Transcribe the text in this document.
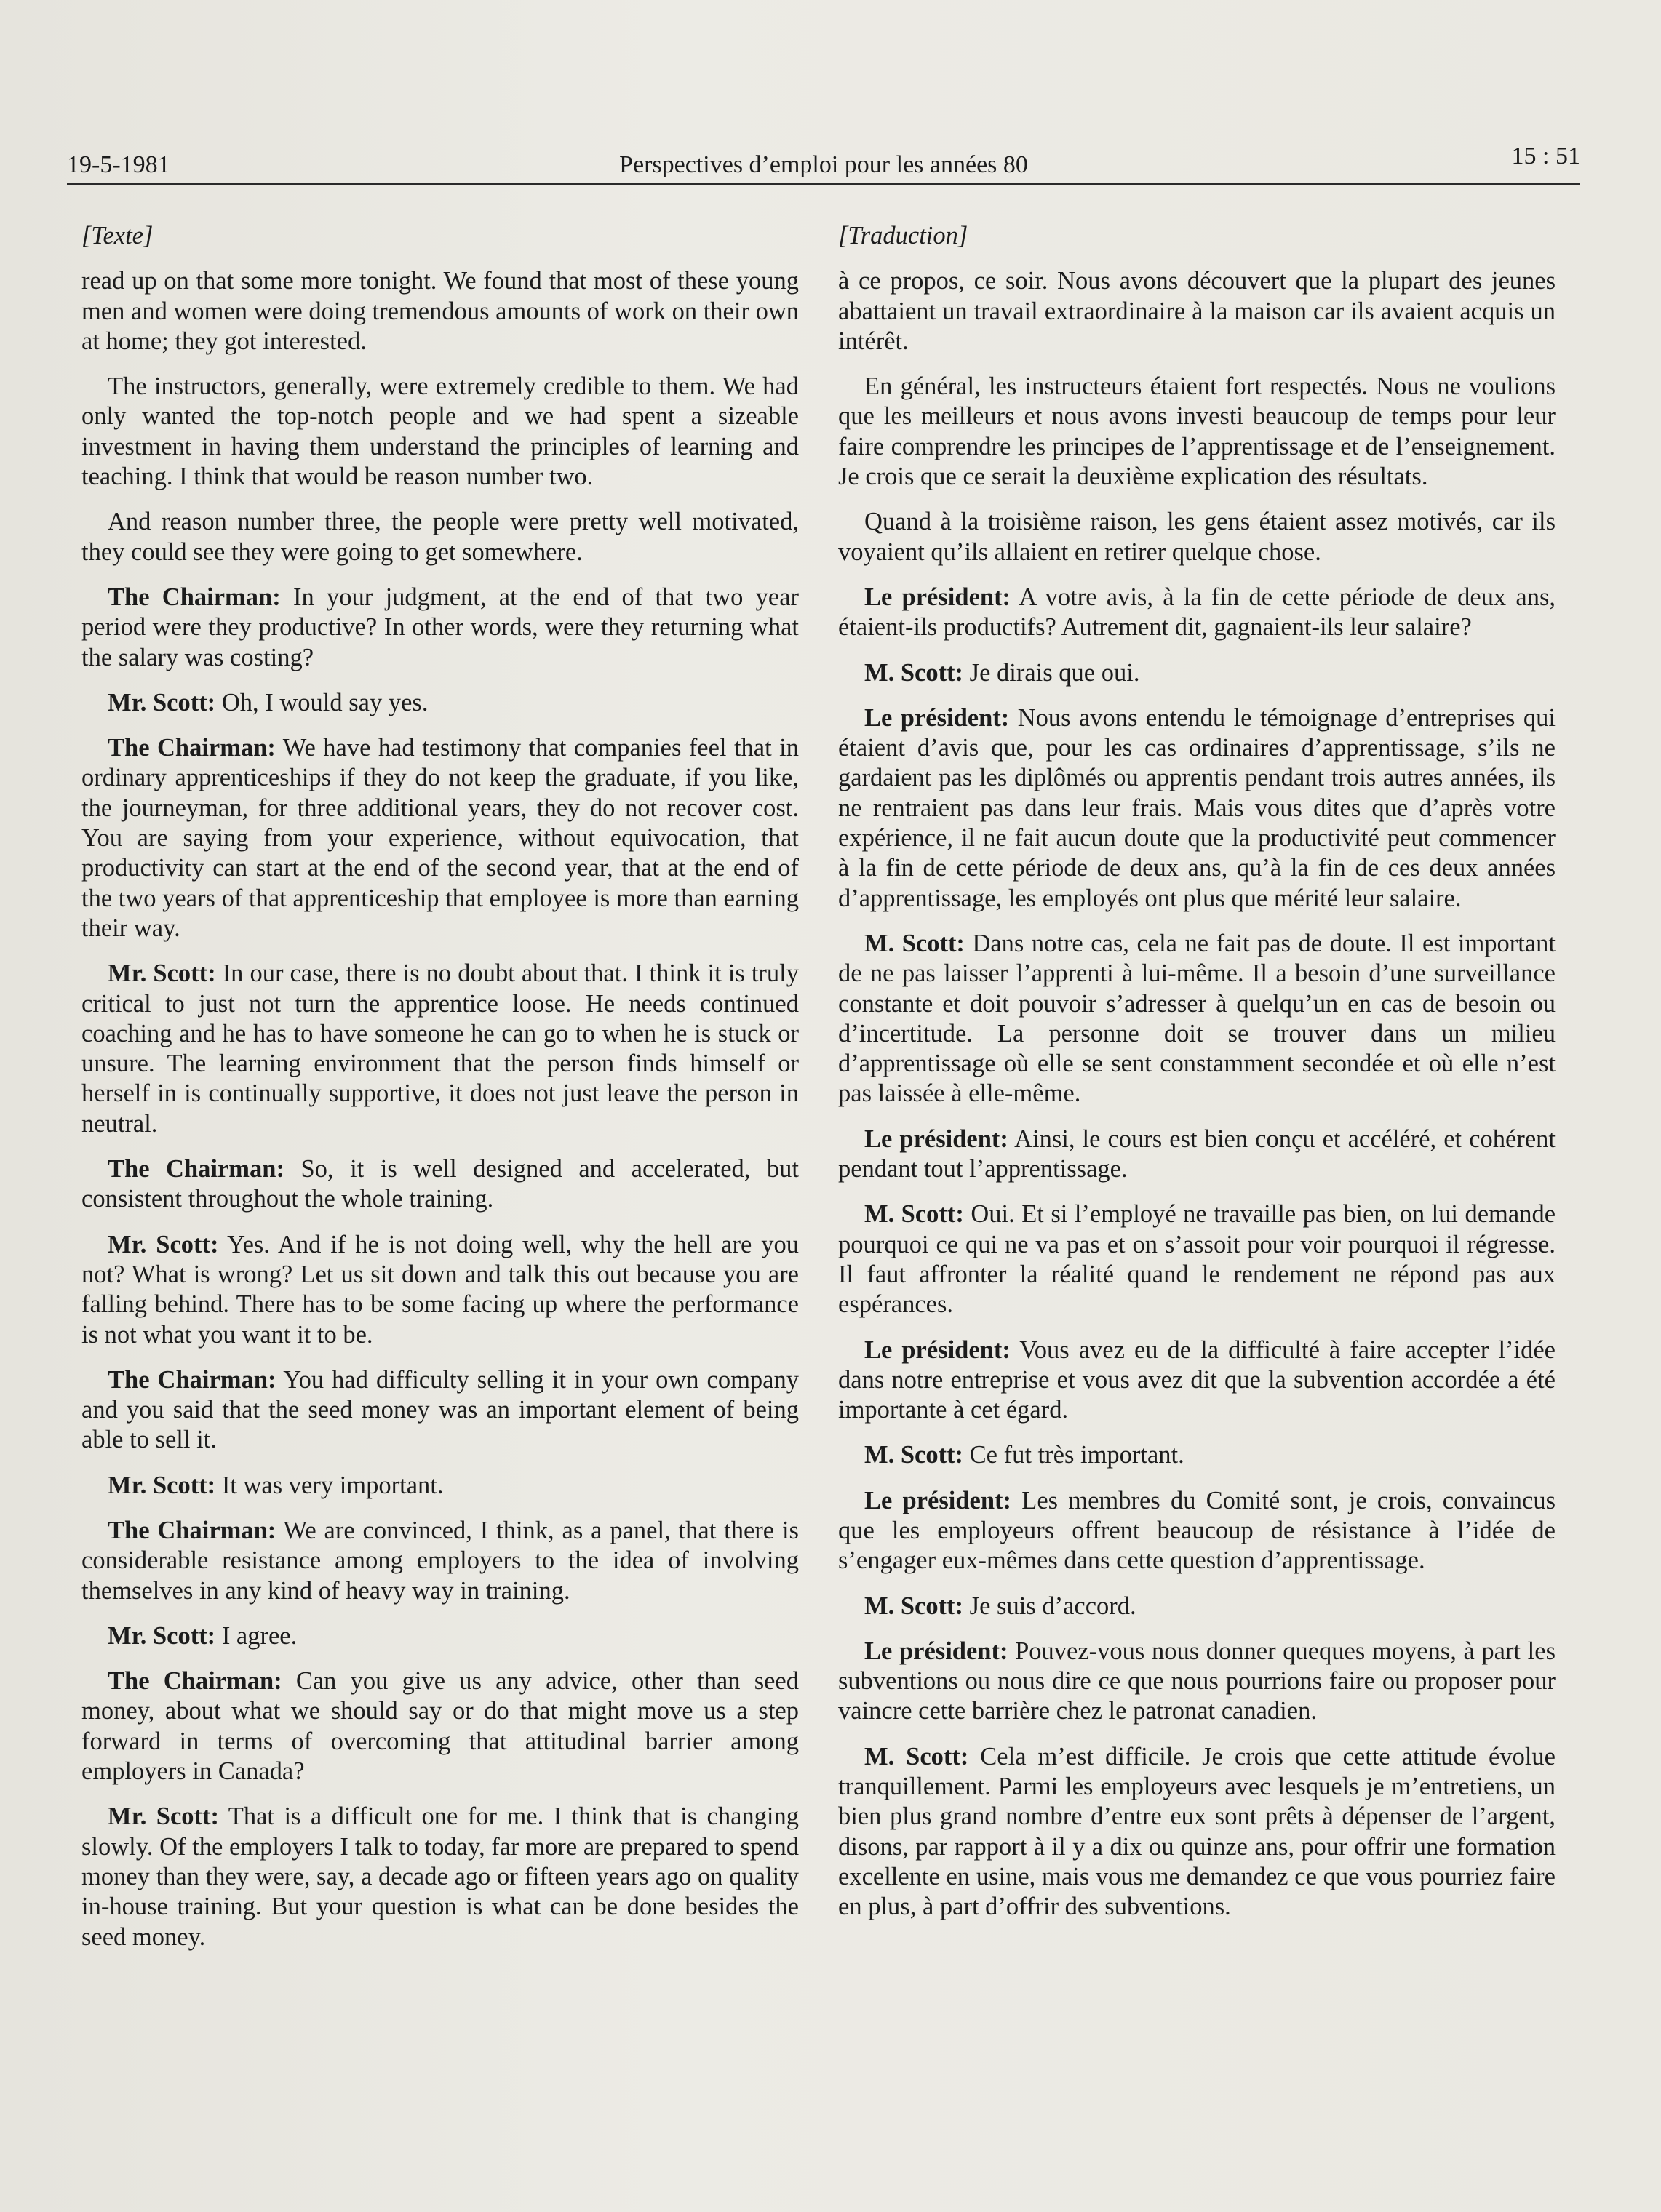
19-5-1981	Perspectives d’emploi pour les années 80	15 : 51

[Texte]

read up on that some more tonight. We found that most of these young men and women were doing tremendous amounts of work on their own at home; they got interested.

The instructors, generally, were extremely credible to them. We had only wanted the top-notch people and we had spent a sizeable investment in having them understand the principles of learning and teaching. I think that would be reason number two.

And reason number three, the people were pretty well motivated, they could see they were going to get somewhere.

The Chairman: In your judgment, at the end of that two year period were they productive? In other words, were they returning what the salary was costing?

Mr. Scott: Oh, I would say yes.

The Chairman: We have had testimony that companies feel that in ordinary apprenticeships if they do not keep the graduate, if you like, the journeyman, for three additional years, they do not recover cost. You are saying from your experience, without equivocation, that productivity can start at the end of the second year, that at the end of the two years of that apprenticeship that employee is more than earning their way.

Mr. Scott: In our case, there is no doubt about that. I think it is truly critical to just not turn the apprentice loose. He needs continued coaching and he has to have someone he can go to when he is stuck or unsure. The learning environment that the person finds himself or herself in is continually supportive, it does not just leave the person in neutral.

The Chairman: So, it is well designed and accelerated, but consistent throughout the whole training.

Mr. Scott: Yes. And if he is not doing well, why the hell are you not? What is wrong? Let us sit down and talk this out because you are falling behind. There has to be some facing up where the performance is not what you want it to be.

The Chairman: You had difficulty selling it in your own company and you said that the seed money was an important element of being able to sell it.

Mr. Scott: It was very important.

The Chairman: We are convinced, I think, as a panel, that there is considerable resistance among employers to the idea of involving themselves in any kind of heavy way in training.

Mr. Scott: I agree.

The Chairman: Can you give us any advice, other than seed money, about what we should say or do that might move us a step forward in terms of overcoming that attitudinal barrier among employers in Canada?

Mr. Scott: That is a difficult one for me. I think that is changing slowly. Of the employers I talk to today, far more are prepared to spend money than they were, say, a decade ago or fifteen years ago on quality in-house training. But your question is what can be done besides the seed money.

[Traduction]

à ce propos, ce soir. Nous avons découvert que la plupart des jeunes abattaient un travail extraordinaire à la maison car ils avaient acquis un intérêt.

En général, les instructeurs étaient fort respectés. Nous ne voulions que les meilleurs et nous avons investi beaucoup de temps pour leur faire comprendre les principes de l’apprentissage et de l’enseignement. Je crois que ce serait la deuxième explication des résultats.

Quand à la troisième raison, les gens étaient assez motivés, car ils voyaient qu’ils allaient en retirer quelque chose.

Le président: A votre avis, à la fin de cette période de deux ans, étaient-ils productifs? Autrement dit, gagnaient-ils leur salaire?

M. Scott: Je dirais que oui.

Le président: Nous avons entendu le témoignage d’entreprises qui étaient d’avis que, pour les cas ordinaires d’apprentissage, s’ils ne gardaient pas les diplômés ou apprentis pendant trois autres années, ils ne rentraient pas dans leur frais. Mais vous dites que d’après votre expérience, il ne fait aucun doute que la productivité peut commencer à la fin de cette période de deux ans, qu’à la fin de ces deux années d’apprentissage, les employés ont plus que mérité leur salaire.

M. Scott: Dans notre cas, cela ne fait pas de doute. Il est important de ne pas laisser l’apprenti à lui-même. Il a besoin d’une surveillance constante et doit pouvoir s’adresser à quelqu’un en cas de besoin ou d’incertitude. La personne doit se trouver dans un milieu d’apprentissage où elle se sent constamment secondée et où elle n’est pas laissée à elle-même.

Le président: Ainsi, le cours est bien conçu et accéléré, et cohérent pendant tout l’apprentissage.

M. Scott: Oui. Et si l’employé ne travaille pas bien, on lui demande pourquoi ce qui ne va pas et on s’assoit pour voir pourquoi il régresse. Il faut affronter la réalité quand le rendement ne répond pas aux espérances.

Le président: Vous avez eu de la difficulté à faire accepter l’idée dans notre entreprise et vous avez dit que la subvention accordée a été importante à cet égard.

M. Scott: Ce fut très important.

Le président: Les membres du Comité sont, je crois, convaincus que les employeurs offrent beaucoup de résistance à l’idée de s’engager eux-mêmes dans cette question d’apprentissage.

M. Scott: Je suis d’accord.

Le président: Pouvez-vous nous donner queques moyens, à part les subventions ou nous dire ce que nous pourrions faire ou proposer pour vaincre cette barrière chez le patronat canadien.

M. Scott: Cela m’est difficile. Je crois que cette attitude évolue tranquillement. Parmi les employeurs avec lesquels je m’entretiens, un bien plus grand nombre d’entre eux sont prêts à dépenser de l’argent, disons, par rapport à il y a dix ou quinze ans, pour offrir une formation excellente en usine, mais vous me demandez ce que vous pourriez faire en plus, à part d’offrir des subventions.
